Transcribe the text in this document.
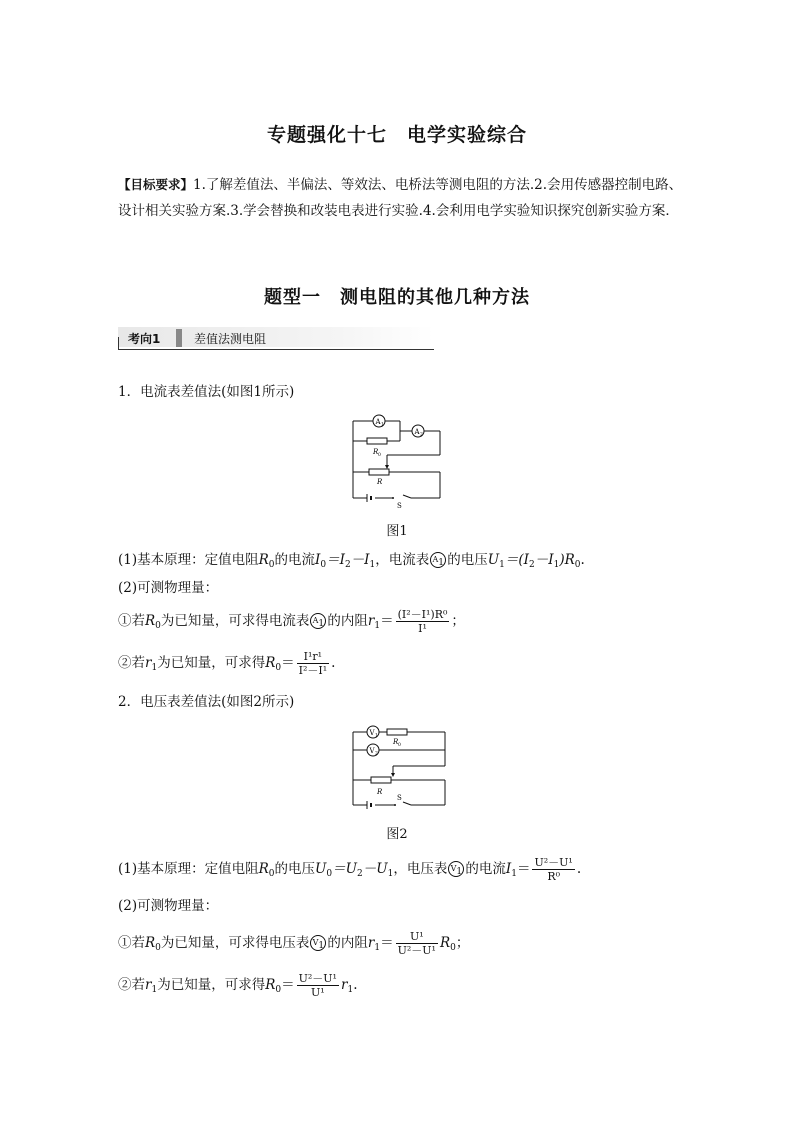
专题强化十七　电学实验综合
【目标要求】1.了解差值法、半偏法、等效法、电桥法等测电阻的方法.2.会用传感器控制电路、设计相关实验方案.3.学会替换和改装电表进行实验.4.会利用电学实验知识探究创新实验方案．
题型一　测电阻的其他几种方法
考向1	差值法测电阻
1．电流表差值法(如图1所示)
A 1
A 2
R 0
R
S
图1
(1)基本原理：定值电阻$R_0$的电流$I_0=I_2-I_1$，电流表 $A_1$ 的电压$U_1=(I_2-I_1)R_0$.
(2)可测物理量：
①若$R_0$为已知量，可求得电流表 $A_1$ 的内阻$r_1= \frac{\text{(I²－I¹)R⁰}}{\text{I¹}}$ ；
②若$r_1$为已知量，可求得$R_0= \frac{\text{I¹r¹}}{\text{I²－I¹}}$ .
2．电压表差值法(如图2所示)
V 1
R 0
V 2
R
S
图2
(1)基本原理：定值电阻$R_0$的电压$U_0=U_2-U_1$，电压表 $V_1$ 的电流$I_1= \frac{\text{U²－U¹}}{\text{R⁰}}$ .
(2)可测物理量：
①若$R_0$为已知量，可求得电压表 $V_1$ 的内阻$r_1= \frac{\text{U¹}}{\text{U²－U¹}} R_0$；
②若$r_1$为已知量，可求得$R_0= \frac{\text{U²－U¹}}{\text{U¹}} r_1$.
